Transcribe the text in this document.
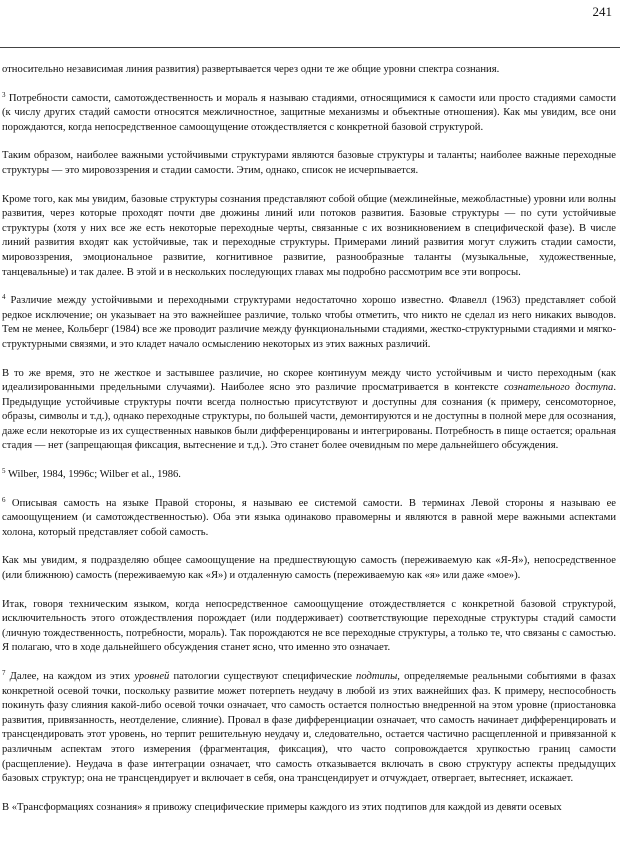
241

относительно независимая линия развития) развертывается через одни те же общие уровни спектра сознания.

$^3$ Потребности самости, самотождественность и мораль я называю стадиями, относящимися к самости или просто стадиями самости (к числу других стадий самости относятся межличностное, защитные механизмы и объектные отношения). Как мы увидим, все они порождаются, когда непосредственное самоощущение отождествляется с конкретной базовой структурой.

Таким образом, наиболее важными устойчивыми структурами являются базовые структуры и таланты; наиболее важные переходные структуры — это мировоззрения и стадии самости. Этим, однако, список не исчерпывается.

Кроме того, как мы увидим, базовые структуры сознания представляют собой общие (межлинейные, межобластные) уровни или волны развития, через которые проходят почти две дюжины линий или потоков развития. Базовые структуры — по сути устойчивые структуры (хотя у них все же есть некоторые переходные черты, связанные с их возникновением в специфической фазе). В числе линий развития входят как устойчивые, так и переходные структуры. Примерами линий развития могут служить стадии самости, мировоззрения, эмоциональное развитие, когнитивное развитие, разнообразные таланты (музыкальные, художественные, танцевальные) и так далее. В этой и в нескольких последующих главах мы подробно рассмотрим все эти вопросы.

$^4$ Различие между устойчивыми и переходными структурами недостаточно хорошо известно. Флавелл (1963) представляет собой редкое исключение; он указывает на это важнейшее различие, только чтобы отметить, что никто не сделал из него никаких выводов. Тем не менее, Кольберг (1984) все же проводит различие между функциональными стадиями, жестко-структурными стадиями и мягко-структурными связями, и это кладет начало осмыслению некоторых из этих важных различий.

В то же время, это не жесткое и застывшее различие, но скорее континуум между чисто устойчивым и чисто переходным (как идеализированными предельными случаями). Наиболее ясно это различие просматривается в контексте сознательного доступа. Предыдущие устойчивые структуры почти всегда полностью присутствуют и доступны для сознания (к примеру, сенсомоторное, образы, символы и т.д.), однако переходные структуры, по большей части, демонтируются и не доступны в полной мере для осознания, даже если некоторые из их существенных навыков были дифференцированы и интегрированы. Потребность в пище остается; оральная стадия — нет (запрещающая фиксация, вытеснение и т.д.). Это станет более очевидным по мере дальнейшего обсуждения.

$^5$ Wilber, 1984, 1996c; Wilber et al., 1986.

$^6$ Описывая самость на языке Правой стороны, я называю ее системой самости. В терминах Левой стороны я называю ее самоощущением (и самотождественностью). Оба эти языка одинаково правомерны и являются в равной мере важными аспектами холона, который представляет собой самость.

Как мы увидим, я подразделяю общее самоощущение на предшествующую самость (переживаемую как «Я-Я»), непосредственное (или ближнюю) самость (переживаемую как «Я») и отдаленную самость (переживаемую как «я» или даже «мое»).

Итак, говоря техническим языком, когда непосредственное самоощущение отождествляется с конкретной базовой структурой, исключительность этого отождествления порождает (или поддерживает) соответствующие переходные структуры стадий самости (личную тождественность, потребности, мораль). Так порождаются не все переходные структуры, а только те, что связаны с самостью. Я полагаю, что в ходе дальнейшего обсуждения станет ясно, что именно это означает.

$^7$ Далее, на каждом из этих уровней патологии существуют специфические подтипы, определяемые реальными событиями в фазах конкретной осевой точки, поскольку развитие может потерпеть неудачу в любой из этих важнейших фаз. К примеру, неспособность покинуть фазу слияния какой-либо осевой точки означает, что самость остается полностью внедренной на этом уровне (приостановка развития, привязанность, неотделение, слияние). Провал в фазе дифференциации означает, что самость начинает дифференцировать и трансцендировать этот уровень, но терпит решительную неудачу и, следовательно, остается частично расщепленной и привязанной к различным аспектам этого измерения (фрагментация, фиксация), что часто сопровождается хрупкостью границ самости (расщепление). Неудача в фазе интеграции означает, что самость отказывается включать в свою структуру аспекты предыдущих базовых структур; она не трансцендирует и включает в себя, она трансцендирует и отчуждает, отвергает, вытесняет, искажает.

В «Трансформациях сознания» я привожу специфические примеры каждого из этих подтипов для каждой из девяти осевых
